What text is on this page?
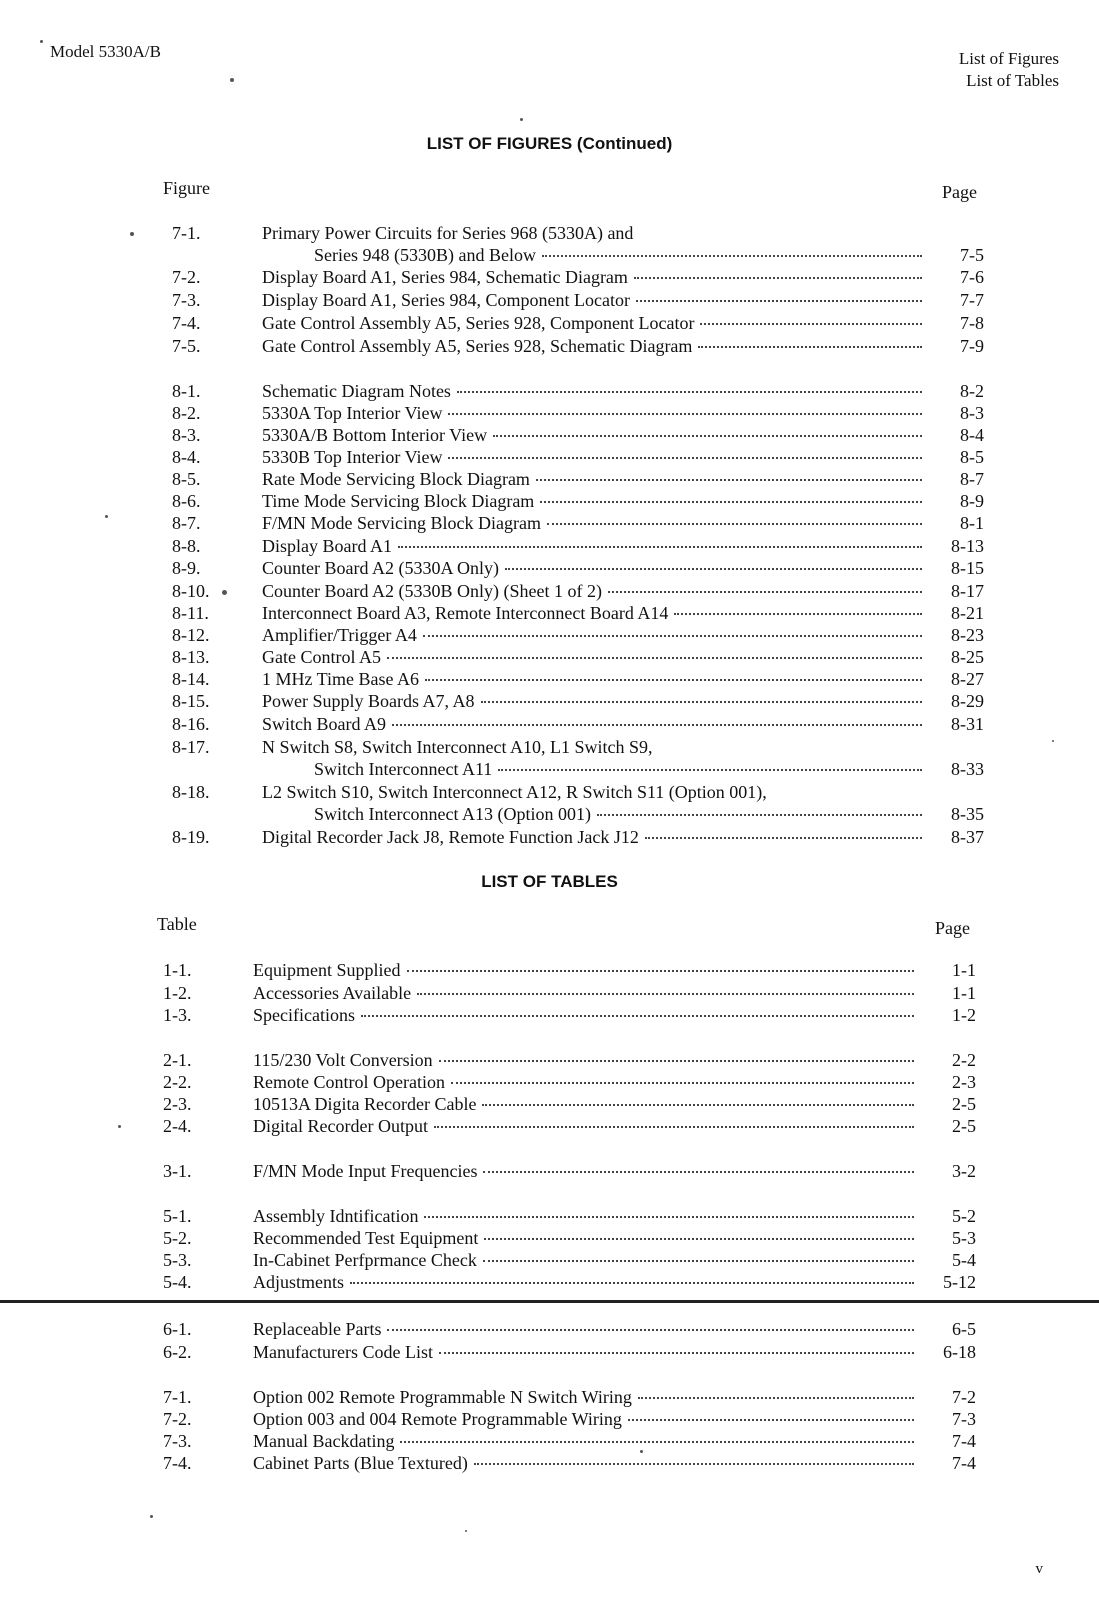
Model 5330A/B	List of Figures
List of Tables
LIST OF FIGURES (Continued)
Figure	Page
LIST OF TABLES
Table	Page
7-1.	Primary Power Circuits for Series 968 (5330A) and
Series 948 (5330B) and Below	7-5
7-2.	Display Board A1, Series 984, Schematic Diagram	7-6
7-3.	Display Board A1, Series 984, Component Locator	7-7
7-4.	Gate Control Assembly A5, Series 928, Component Locator	7-8
7-5.	Gate Control Assembly A5, Series 928, Schematic Diagram	7-9
8-1.	Schematic Diagram Notes	8-2
8-2.	5330A Top Interior View	8-3
8-3.	5330A/B Bottom Interior View	8-4
8-4.	5330B Top Interior View	8-5
8-5.	Rate Mode Servicing Block Diagram	8-7
8-6.	Time Mode Servicing Block Diagram	8-9
8-7.	F/MN Mode Servicing Block Diagram	8-1
8-8.	Display Board A1	8-13
8-9.	Counter Board A2 (5330A Only)	8-15
8-10.	Counter Board A2 (5330B Only) (Sheet 1 of 2)	8-17
8-11.	Interconnect Board A3, Remote Interconnect Board A14	8-21
8-12.	Amplifier/Trigger A4	8-23
8-13.	Gate Control A5	8-25
8-14.	1 MHz Time Base A6	8-27
8-15.	Power Supply Boards A7, A8	8-29
8-16.	Switch Board A9	8-31
8-17.	N Switch S8, Switch Interconnect A10, L1 Switch S9,
Switch Interconnect A11	8-33
8-18.	L2 Switch S10, Switch Interconnect A12, R Switch S11 (Option 001),
Switch Interconnect A13 (Option 001)	8-35
8-19.	Digital Recorder Jack J8, Remote Function Jack J12	8-37
1-1.	Equipment Supplied	1-1
1-2.	Accessories Available	1-1
1-3.	Specifications	1-2
2-1.	115/230 Volt Conversion	2-2
2-2.	Remote Control Operation	2-3
2-3.	10513A Digita Recorder Cable	2-5
2-4.	Digital Recorder Output	2-5
3-1.	F/MN Mode Input Frequencies	3-2
5-1.	Assembly Idntification	5-2
5-2.	Recommended Test Equipment	5-3
5-3.	In-Cabinet Perfprmance Check	5-4
5-4.	Adjustments	5-12
6-1.	Replaceable Parts	6-5
6-2.	Manufacturers Code List	6-18
7-1.	Option 002 Remote Programmable N Switch Wiring	7-2
7-2.	Option 003 and 004 Remote Programmable Wiring	7-3
7-3.	Manual Backdating	7-4
7-4.	Cabinet Parts (Blue Textured)	7-4
v
